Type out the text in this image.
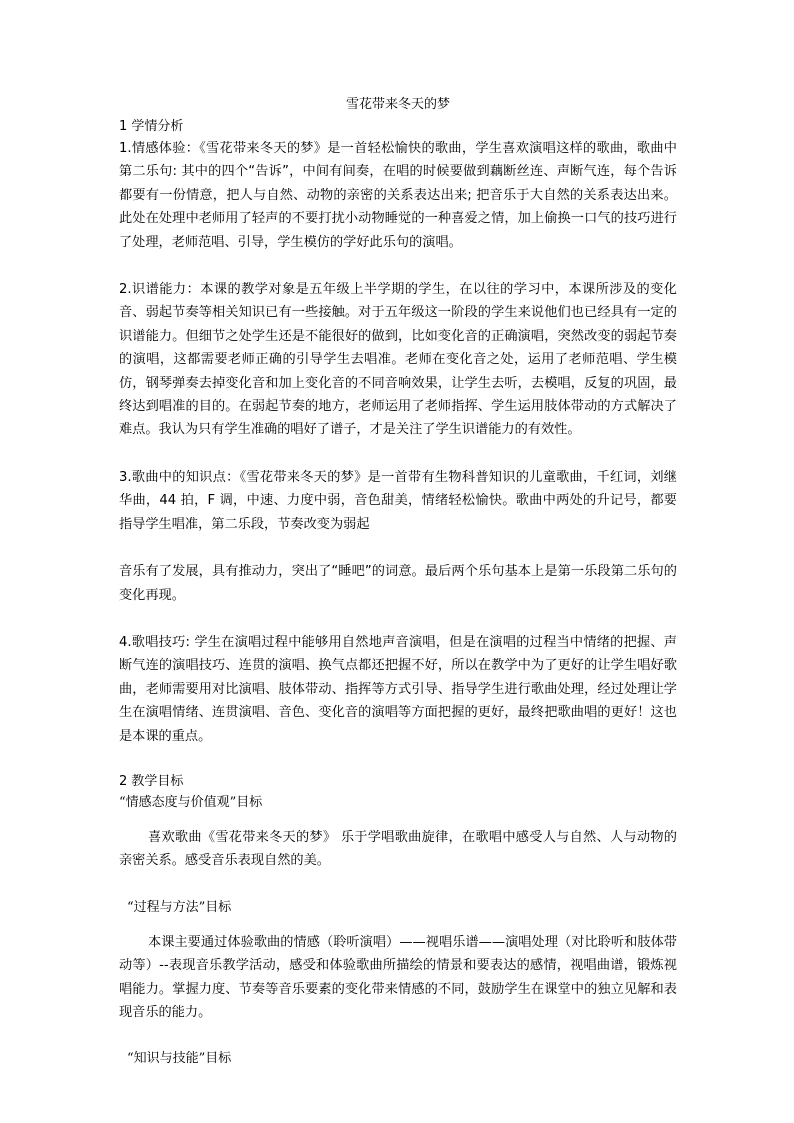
雪花带来冬天的梦

1 学情分析

1.情感体验：《雪花带来冬天的梦》是一首轻松愉快的歌曲，学生喜欢演唱这样的歌曲，歌曲中第二乐句: 其中的四个“告诉”，中间有间奏，在唱的时候要做到藕断丝连、声断气连，每个告诉都要有一份情意，把人与自然、动物的亲密的关系表达出来; 把音乐于大自然的关系表达出来。此处在处理中老师用了轻声的不要打扰小动物睡觉的一种喜爱之情，加上偷换一口气的技巧进行了处理，老师范唱、引导，学生模仿的学好此乐句的演唱。

2.识谱能力：本课的教学对象是五年级上半学期的学生，在以往的学习中，本课所涉及的变化音、弱起节奏等相关知识已有一些接触。对于五年级这一阶段的学生来说他们也已经具有一定的识谱能力。但细节之处学生还是不能很好的做到，比如变化音的正确演唱，突然改变的弱起节奏的演唱，这都需要老师正确的引导学生去唱准。老师在变化音之处，运用了老师范唱、学生模仿，钢琴弹奏去掉变化音和加上变化音的不同音响效果，让学生去听，去模唱，反复的巩固，最终达到唱准的目的。在弱起节奏的地方，老师运用了老师指挥、学生运用肢体带动的方式解决了难点。我认为只有学生准确的唱好了谱子，才是关注了学生识谱能力的有效性。

3.歌曲中的知识点：《雪花带来冬天的梦》是一首带有生物科普知识的儿童歌曲，千红词，刘继华曲，44 拍，F 调，中速、力度中弱，音色甜美，情绪轻松愉快。歌曲中两处的升记号，都要指导学生唱准，第二乐段，节奏改变为弱起

音乐有了发展，具有推动力，突出了“睡吧”的词意。最后两个乐句基本上是第一乐段第二乐句的变化再现。

4.歌唱技巧: 学生在演唱过程中能够用自然地声音演唱，但是在演唱的过程当中情绪的把握、声断气连的演唱技巧、连贯的演唱、换气点都还把握不好，所以在教学中为了更好的让学生唱好歌曲，老师需要用对比演唱、肢体带动、指挥等方式引导、指导学生进行歌曲处理，经过处理让学生在演唱情绪、连贯演唱、音色、变化音的演唱等方面把握的更好，最终把歌曲唱的更好！这也是本课的重点。

2 教学目标

“情感态度与价值观”目标

喜欢歌曲《雪花带来冬天的梦》 乐于学唱歌曲旋律，在歌唱中感受人与自然、人与动物的亲密关系。感受音乐表现自然的美。

“过程与方法”目标

本课主要通过体验歌曲的情感（聆听演唱）——视唱乐谱——演唱处理（对比聆听和肢体带动等）--表现音乐教学活动，感受和体验歌曲所描绘的情景和要表达的感情，视唱曲谱，锻炼视唱能力。掌握力度、节奏等音乐要素的变化带来情感的不同，鼓励学生在课堂中的独立见解和表现音乐的能力。

“知识与技能”目标
